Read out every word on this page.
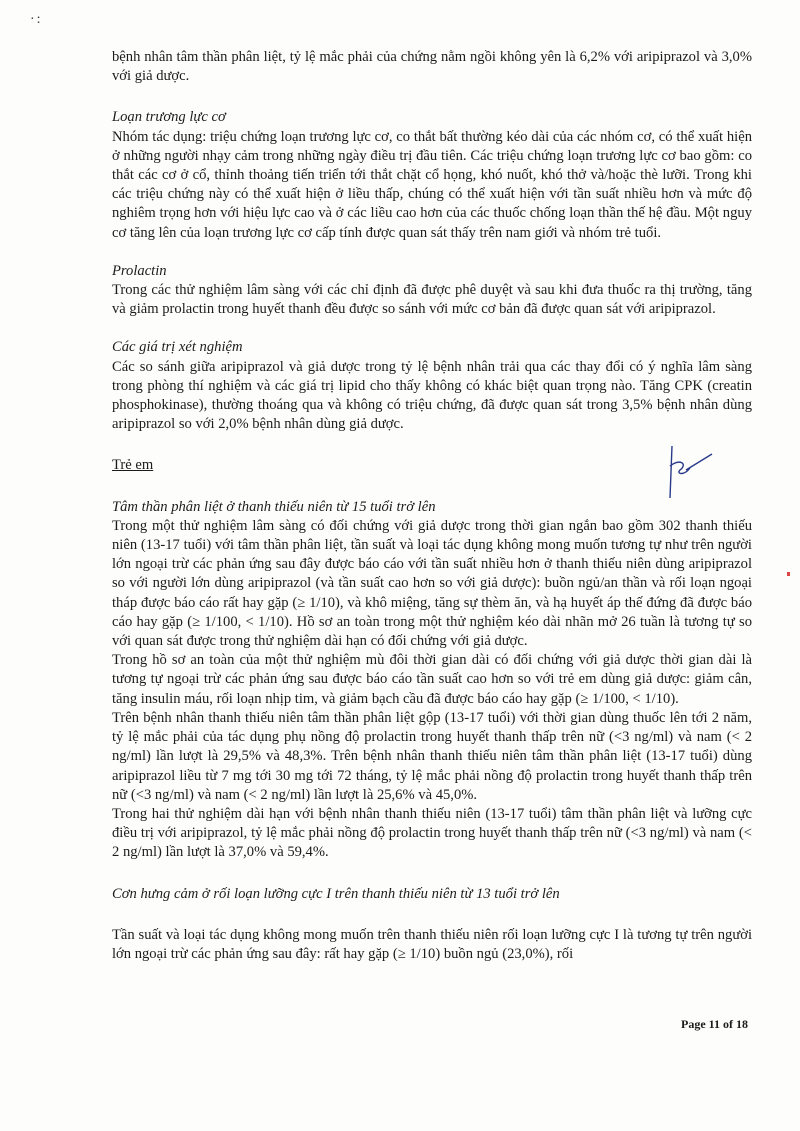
·:

bệnh nhân tâm thần phân liệt, tỷ lệ mắc phải của chứng nằm ngồi không yên là 6,2% với aripiprazol và 3,0% với giả dược.

Loạn trương lực cơ

Nhóm tác dụng: triệu chứng loạn trương lực cơ, co thắt bất thường kéo dài của các nhóm cơ, có thể xuất hiện ở những người nhạy cảm trong những ngày điều trị đầu tiên. Các triệu chứng loạn trương lực cơ bao gồm: co thắt các cơ ở cổ, thỉnh thoảng tiến triển tới thắt chặt cổ họng, khó nuốt, khó thở và/hoặc thè lưỡi. Trong khi các triệu chứng này có thể xuất hiện ở liều thấp, chúng có thể xuất hiện với tần suất nhiều hơn và mức độ nghiêm trọng hơn với hiệu lực cao và ở các liều cao hơn của các thuốc chống loạn thần thế hệ đầu. Một nguy cơ tăng lên của loạn trương lực cơ cấp tính được quan sát thấy trên nam giới và nhóm trẻ tuổi.

Prolactin

Trong các thử nghiệm lâm sàng với các chỉ định đã được phê duyệt và sau khi đưa thuốc ra thị trường, tăng và giảm prolactin trong huyết thanh đều được so sánh với mức cơ bản đã được quan sát với aripiprazol.

Các giá trị xét nghiệm

Các so sánh giữa aripiprazol và giả dược trong tỷ lệ bệnh nhân trải qua các thay đổi có ý nghĩa lâm sàng trong phòng thí nghiệm và các giá trị lipid cho thấy không có khác biệt quan trọng nào. Tăng CPK (creatin phosphokinase), thường thoáng qua và không có triệu chứng, đã được quan sát trong 3,5% bệnh nhân dùng aripiprazol so với 2,0% bệnh nhân dùng giả dược.

Trẻ em

Tâm thần phân liệt ở thanh thiếu niên từ 15 tuổi trở lên

Trong một thử nghiệm lâm sàng có đối chứng với giả dược trong thời gian ngắn bao gồm 302 thanh thiếu niên (13-17 tuổi) với tâm thần phân liệt, tần suất và loại tác dụng không mong muốn tương tự như trên người lớn ngoại trừ các phản ứng sau đây được báo cáo với tần suất nhiều hơn ở thanh thiếu niên dùng aripiprazol so với người lớn dùng aripiprazol (và tần suất cao hơn so với giả dược): buồn ngủ/an thần và rối loạn ngoại tháp được báo cáo rất hay gặp (≥ 1/10), và khô miệng, tăng sự thèm ăn, và hạ huyết áp thế đứng đã được báo cáo hay gặp (≥ 1/100, < 1/10). Hồ sơ an toàn trong một thử nghiệm kéo dài nhãn mở 26 tuần là tương tự so với quan sát được trong thử nghiệm dài hạn có đối chứng với giả dược.

Trong hồ sơ an toàn của một thử nghiệm mù đôi thời gian dài có đối chứng với giả dược thời gian dài là tương tự ngoại trừ các phản ứng sau được báo cáo tần suất cao hơn so với trẻ em dùng giả dược: giảm cân, tăng insulin máu, rối loạn nhịp tim, và giảm bạch cầu đã được báo cáo hay gặp (≥ 1/100, < 1/10).

Trên bệnh nhân thanh thiếu niên tâm thần phân liệt gộp (13-17 tuổi) với thời gian dùng thuốc lên tới 2 năm, tỷ lệ mắc phải của tác dụng phụ nồng độ prolactin trong huyết thanh thấp trên nữ (<3 ng/ml) và nam (< 2 ng/ml) lần lượt là 29,5% và 48,3%. Trên bệnh nhân thanh thiếu niên tâm thần phân liệt (13-17 tuổi) dùng aripiprazol liều từ 7 mg tới 30 mg tới 72 tháng, tỷ lệ mắc phải nồng độ prolactin trong huyết thanh thấp trên nữ (<3 ng/ml) và nam (< 2 ng/ml) lần lượt là 25,6% và 45,0%.

Trong hai thử nghiệm dài hạn với bệnh nhân thanh thiếu niên (13-17 tuổi) tâm thần phân liệt và lưỡng cực điều trị với aripiprazol, tỷ lệ mắc phải nồng độ prolactin trong huyết thanh thấp trên nữ (<3 ng/ml) và nam (< 2 ng/ml) lần lượt là 37,0% và 59,4%.

Cơn hưng cảm ở rối loạn lưỡng cực I trên thanh thiếu niên từ 13 tuổi trở lên

Tần suất và loại tác dụng không mong muốn trên thanh thiếu niên rối loạn lưỡng cực I là tương tự trên người lớn ngoại trừ các phản ứng sau đây: rất hay gặp (≥ 1/10) buồn ngủ (23,0%), rối

Page 11 of 18
